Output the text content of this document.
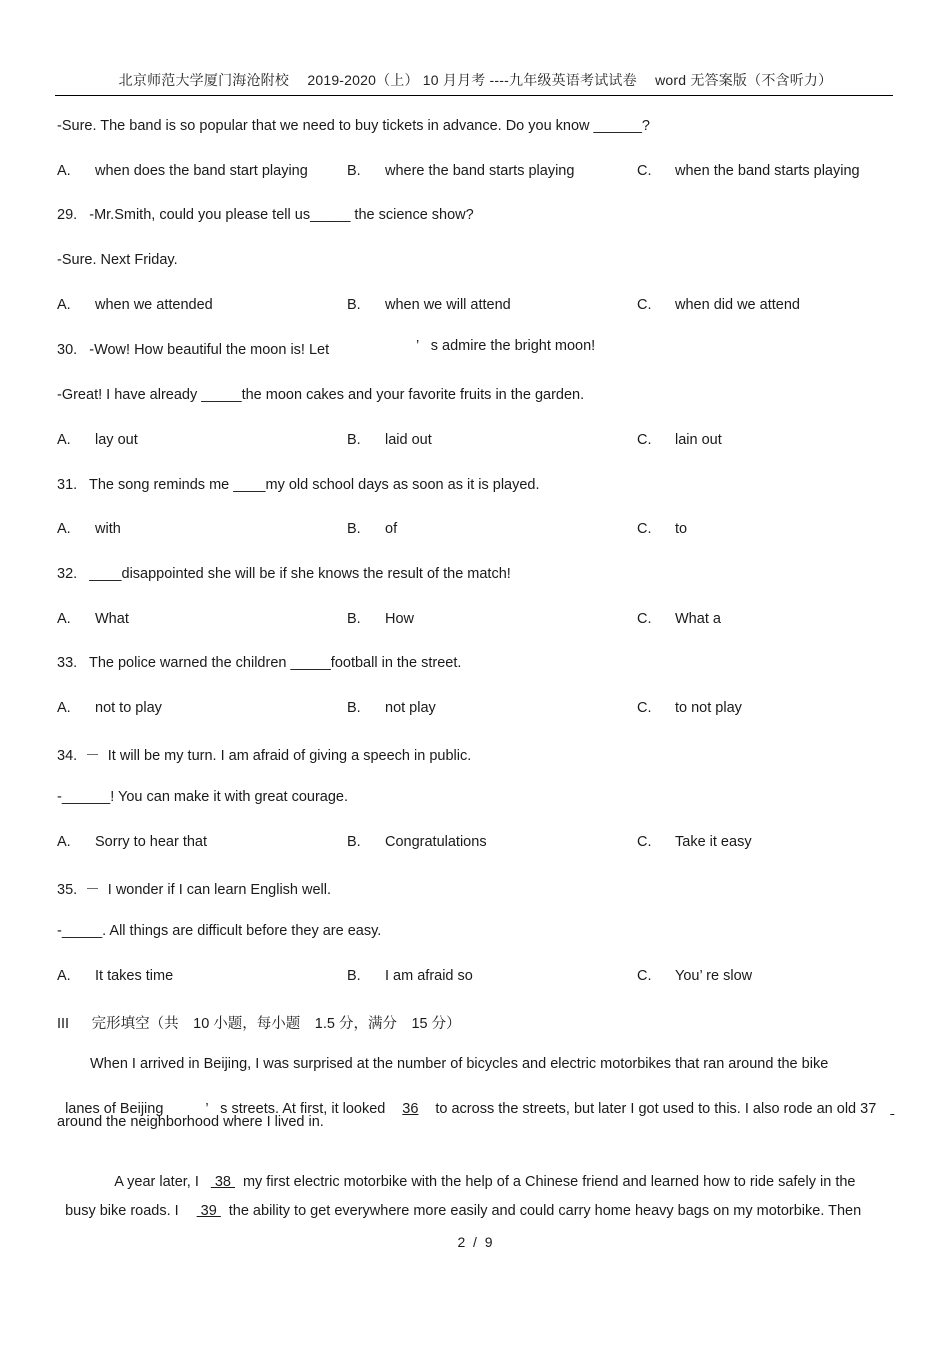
北京师范大学厦门海沧附校　 2019-2020（上） 10 月月考 ----九年级英语考试试卷　 word 无答案版（不含听力）
-Sure. The band is so popular that we need to buy tickets in advance. Do you know ______?
A. when does the band start playing	B. where the band starts playing	C. when the band starts playing
29.   -Mr.Smith, could you please tell us_____ the science show?
-Sure. Next Friday.
A. when we attended	B. when we will attend	C. when did we attend
30.   -Wow! How beautiful the moon is! Let	’   s admire the bright moon!
-Great! I have already _____the moon cakes and your favorite fruits in the garden.
A. lay out	B. laid out	C. lain out
31.   The song reminds me ____my old school days as soon as it is played.
A. with	B. of	C. to
32.   ____disappointed she will be if she knows the result of the match!
A. What	B. How	C. What a
33.   The police warned the children _____football in the street.
A. not to play	B. not play	C. to not play
34.  －  It will be my turn. I am afraid of giving a speech in public.
-______! You can make it with great courage.
A. Sorry to hear that	B. Congratulations	C. Take it easy
35.  －  I wonder if I can learn English well.
-_____. All things are difficult before they are easy.
A. It takes time	B. I am afraid so	C. You’ re slow
III　  完形填空（共　10 小题，每小题　1.5 分，满分　15 分）
When I arrived in Beijing, I was surprised at the number of bicycles and electric motorbikes that ran around the bike

lanes of Beijing	’   s streets. At first, it looked 36 to across the streets, but later I got used to this. I also rode an old 37

around the neighborhood where I lived in.

A year later, I  38 my first electric motorbike with the help of a Chinese friend and learned how to ride safely in the

busy bike roads. I  39 the ability to get everywhere more easily and could carry home heavy bags on my motorbike. Then

2  /  9
